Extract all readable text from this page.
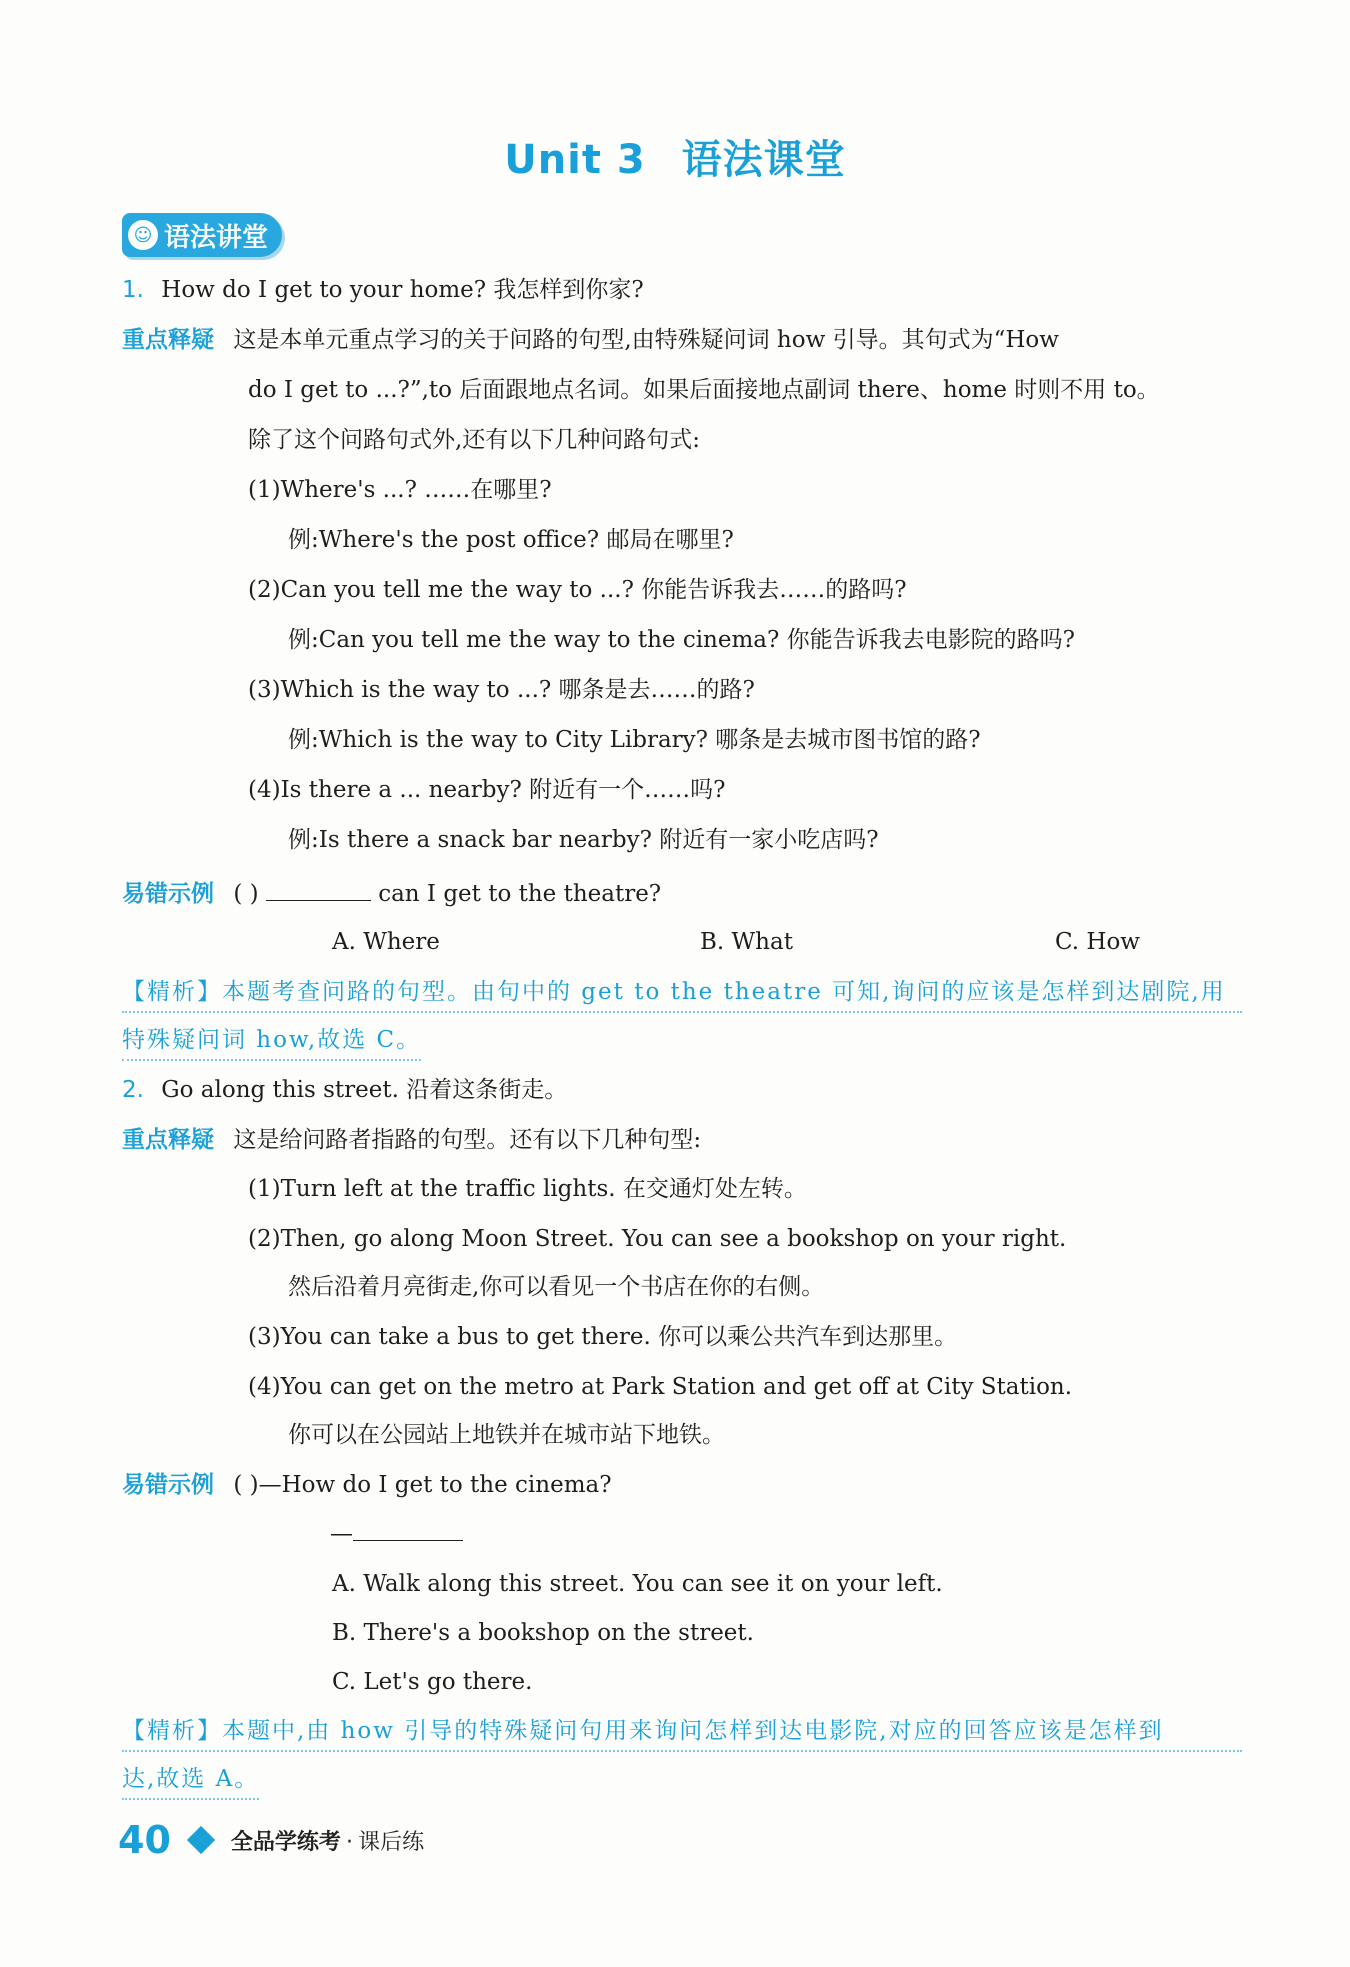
Unit 3 语法课堂
☺ 语法讲堂
1. How do I get to your home? 我怎样到你家?
重点释疑 这是本单元重点学习的关于问路的句型,由特殊疑问词 how 引导。其句式为“How
do I get to ...?”,to 后面跟地点名词。如果后面接地点副词 there、home 时则不用 to。
除了这个问路句式外,还有以下几种问路句式:
(1)Where's ...? ……在哪里?
例:Where's the post office? 邮局在哪里?
(2)Can you tell me the way to ...? 你能告诉我去……的路吗?
例:Can you tell me the way to the cinema? 你能告诉我去电影院的路吗?
(3)Which is the way to ...? 哪条是去……的路?
例:Which is the way to City Library? 哪条是去城市图书馆的路?
(4)Is there a ... nearby? 附近有一个……吗?
例:Is there a snack bar nearby? 附近有一家小吃店吗?
易错示例 ( )	can I get to the theatre?
A. Where	B. What	C. How
【精析】本题考查问路的句型。由句中的 get to the theatre 可知,询问的应该是怎样到达剧院,用
特殊疑问词 how,故选 C。
2. Go along this street. 沿着这条街走。
重点释疑 这是给问路者指路的句型。还有以下几种句型:
(1)Turn left at the traffic lights. 在交通灯处左转。
(2)Then, go along Moon Street. You can see a bookshop on your right.
然后沿着月亮街走,你可以看见一个书店在你的右侧。
(3)You can take a bus to get there. 你可以乘公共汽车到达那里。
(4)You can get on the metro at Park Station and get off at City Station.
你可以在公园站上地铁并在城市站下地铁。
易错示例 ( )—How do I get to the cinema?
—
A. Walk along this street. You can see it on your left.
B. There's a bookshop on the street.
C. Let's go there.
【精析】本题中,由 how 引导的特殊疑问句用来询问怎样到达电影院,对应的回答应该是怎样到
达,故选 A。
40	全品学练考 · 课后练
